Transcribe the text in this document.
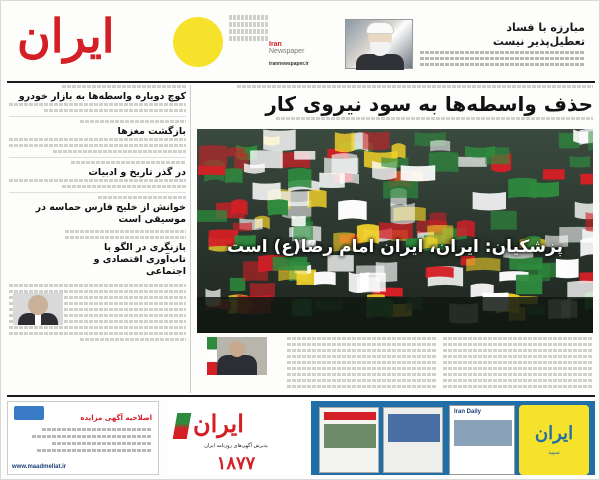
ایران	Iran
Newspaper
irannewspaper.ir
مبارزه با فساد
تعطیل‌پذیر نیست
کوچ دوباره واسطه‌ها به بازار خودرو
بازگشت مغزها
در گذر تاریخ و ادبیات
خوانش از خلیج فارس حماسه در موسیقی است
بازنگری در الگو با تاب‌آوری اقتصادی و اجتماعی
حذف واسطه‌ها به سود نیروی کار
پزشکیان: ایران، ایران امام رضا(ع) است
اصلاحیه آگهی مزایده
www.maadmellat.ir
ایران
پذیرش آگهی‌های روزنامه ایران
۱۸۷۷
Iran Daily
ایران
سپید
